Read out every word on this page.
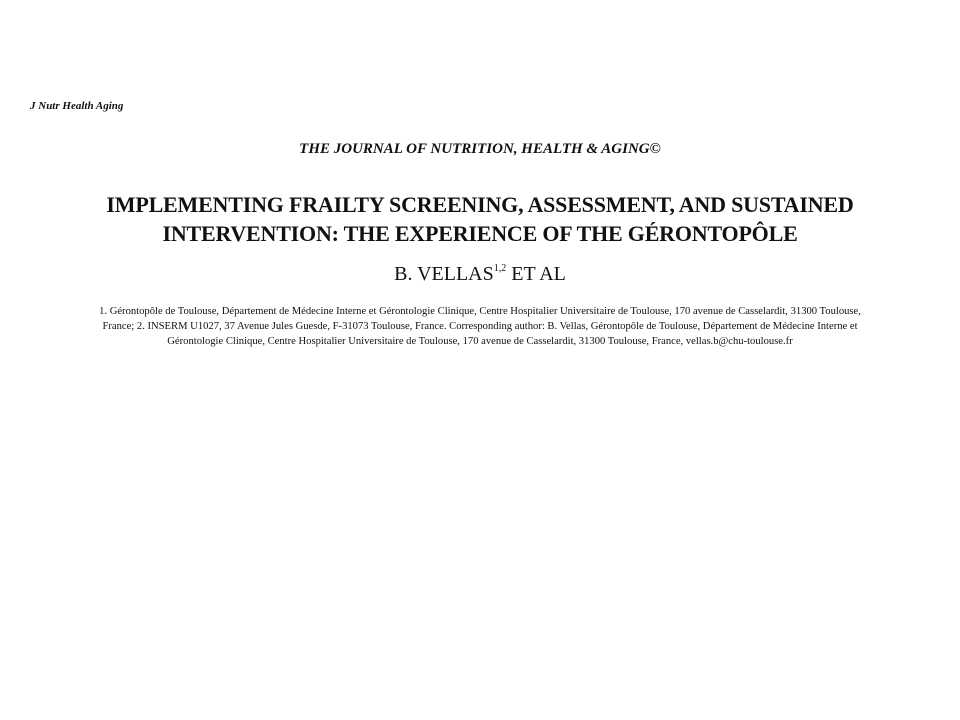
J Nutr Health Aging
THE JOURNAL OF NUTRITION, HEALTH & AGING©
IMPLEMENTING FRAILTY SCREENING, ASSESSMENT, AND SUSTAINED
INTERVENTION: THE EXPERIENCE OF THE GÉRONTOPÔLE
B. VELLAS$^{1,2}$ ET AL
1. Gérontopôle de Toulouse, Département de Médecine Interne et Gérontologie Clinique, Centre Hospitalier Universitaire de Toulouse, 170 avenue de Casselardit, 31300 Toulouse,
France; 2. INSERM U1027, 37 Avenue Jules Guesde, F-31073 Toulouse, France. Corresponding author: B. Vellas, Gérontopôle de Toulouse, Département de Médecine Interne et
Gérontologie Clinique, Centre Hospitalier Universitaire de Toulouse, 170 avenue de Casselardit, 31300 Toulouse, France, vellas.b@chu-toulouse.fr
